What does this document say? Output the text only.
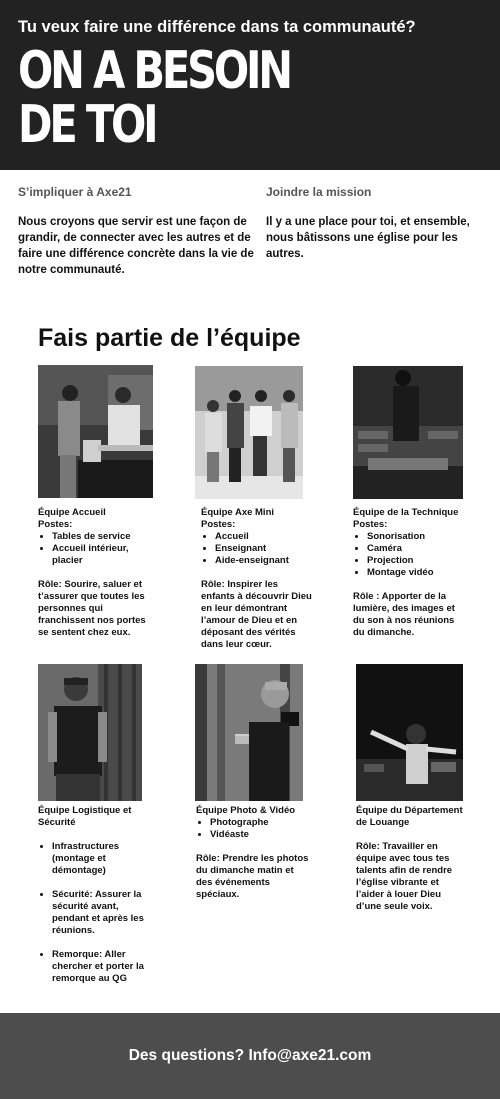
Tu veux faire une différence dans ta communauté?
ON A BESOIN
DE TOI
S’impliquer à Axe21
Nous croyons que servir est une façon de grandir, de connecter avec les autres et de faire une différence concrète dans la vie de notre communauté.
Joindre la mission
Il y a une place pour toi, et ensemble, nous bâtissons une église pour les autres.
Fais partie de l’équipe

Équipe Accueil

Postes:

• Tables de service
• Accueil intérieur, placier

Rôle: Sourire, saluer et t’assurer que toutes les personnes qui franchissent nos portes se sentent chez eux.

Équipe Axe Mini

Postes:

• Accueil
• Enseignant
• Aide-enseignant

Rôle: Inspirer les enfants à découvrir Dieu en leur démontrant l’amour de Dieu et en déposant des vérités dans leur cœur.

Équipe de la Technique

Postes:

• Sonorisation
• Caméra
• Projection
• Montage vidéo

Rôle : Apporter de la lumière, des images et du son à nos réunions du dimanche.

Équipe Logistique et Sécurité

• Infrastructures (montage et démontage)
• Sécurité: Assurer la sécurité avant, pendant et après les réunions.
• Remorque: Aller chercher et porter la remorque au QG

Équipe Photo & Vidéo

• Photographe
• Vidéaste

Rôle: Prendre les photos du dimanche matin et des événements spéciaux.

Équipe du Département de Louange

Rôle: Travailler en équipe avec tous tes talents afin de rendre l’église vibrante et l’aider à louer Dieu d’une seule voix.

Des questions? Info@axe21.com
